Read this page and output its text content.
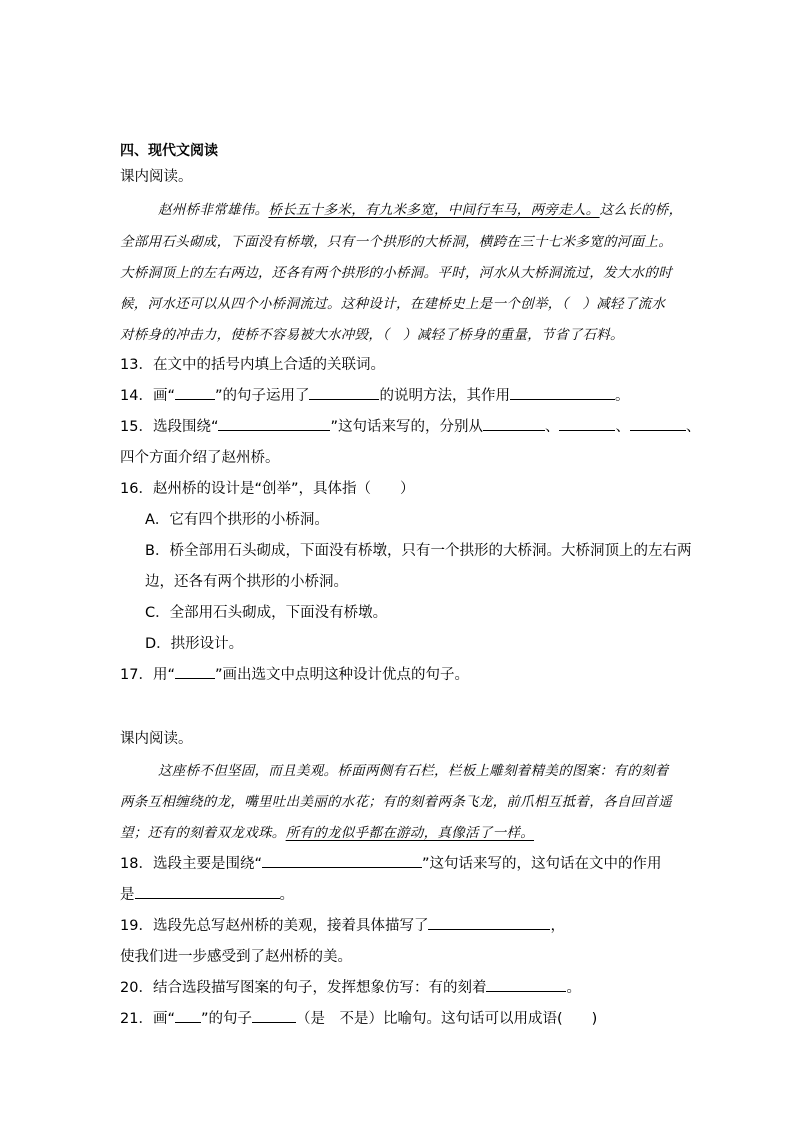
四、现代文阅读
课内阅读。
赵州桥非常雄伟。桥长五十多米，有九米多宽，中间行车马，两旁走人。这么长的桥，
全部用石头砌成，下面没有桥墩，只有一个拱形的大桥洞，横跨在三十七米多宽的河面上。
大桥洞顶上的左右两边，还各有两个拱形的小桥洞。平时，河水从大桥洞流过，发大水的时
候，河水还可以从四个小桥洞流过。这种设计，在建桥史上是一个创举，（　）减轻了流水
对桥身的冲击力，使桥不容易被大水冲毁，（　）减轻了桥身的重量，节省了石料。
13．在文中的括号内填上合适的关联词。
14．画“	”的句子运用了	的说明方法，其作用	。
15．选段围绕“	”这句话来写的，分别从	、	、	、
四个方面介绍了赵州桥。
16．赵州桥的设计是“创举”，具体指（　　）
A．它有四个拱形的小桥洞。
B．桥全部用石头砌成，下面没有桥墩，只有一个拱形的大桥洞。大桥洞顶上的左右两
边，还各有两个拱形的小桥洞。
C．全部用石头砌成，下面没有桥墩。
D．拱形设计。
17．用“	”画出选文中点明这种设计优点的句子。
课内阅读。
这座桥不但坚固，而且美观。桥面两侧有石栏，栏板上雕刻着精美的图案：有的刻着
两条互相缠绕的龙，嘴里吐出美丽的水花；有的刻着两条飞龙，前爪相互抵着，各自回首遥
望；还有的刻着双龙戏珠。所有的龙似乎都在游动，真像活了一样。
18．选段主要是围绕“	”这句话来写的，这句话在文中的作用
是	。
19．选段先总写赵州桥的美观，接着具体描写了	，
使我们进一步感受到了赵州桥的美。
20．结合选段描写图案的句子，发挥想象仿写：有的刻着	。
21．画“ ”的句子	（是　不是）比喻句。这句话可以用成语(　　)
